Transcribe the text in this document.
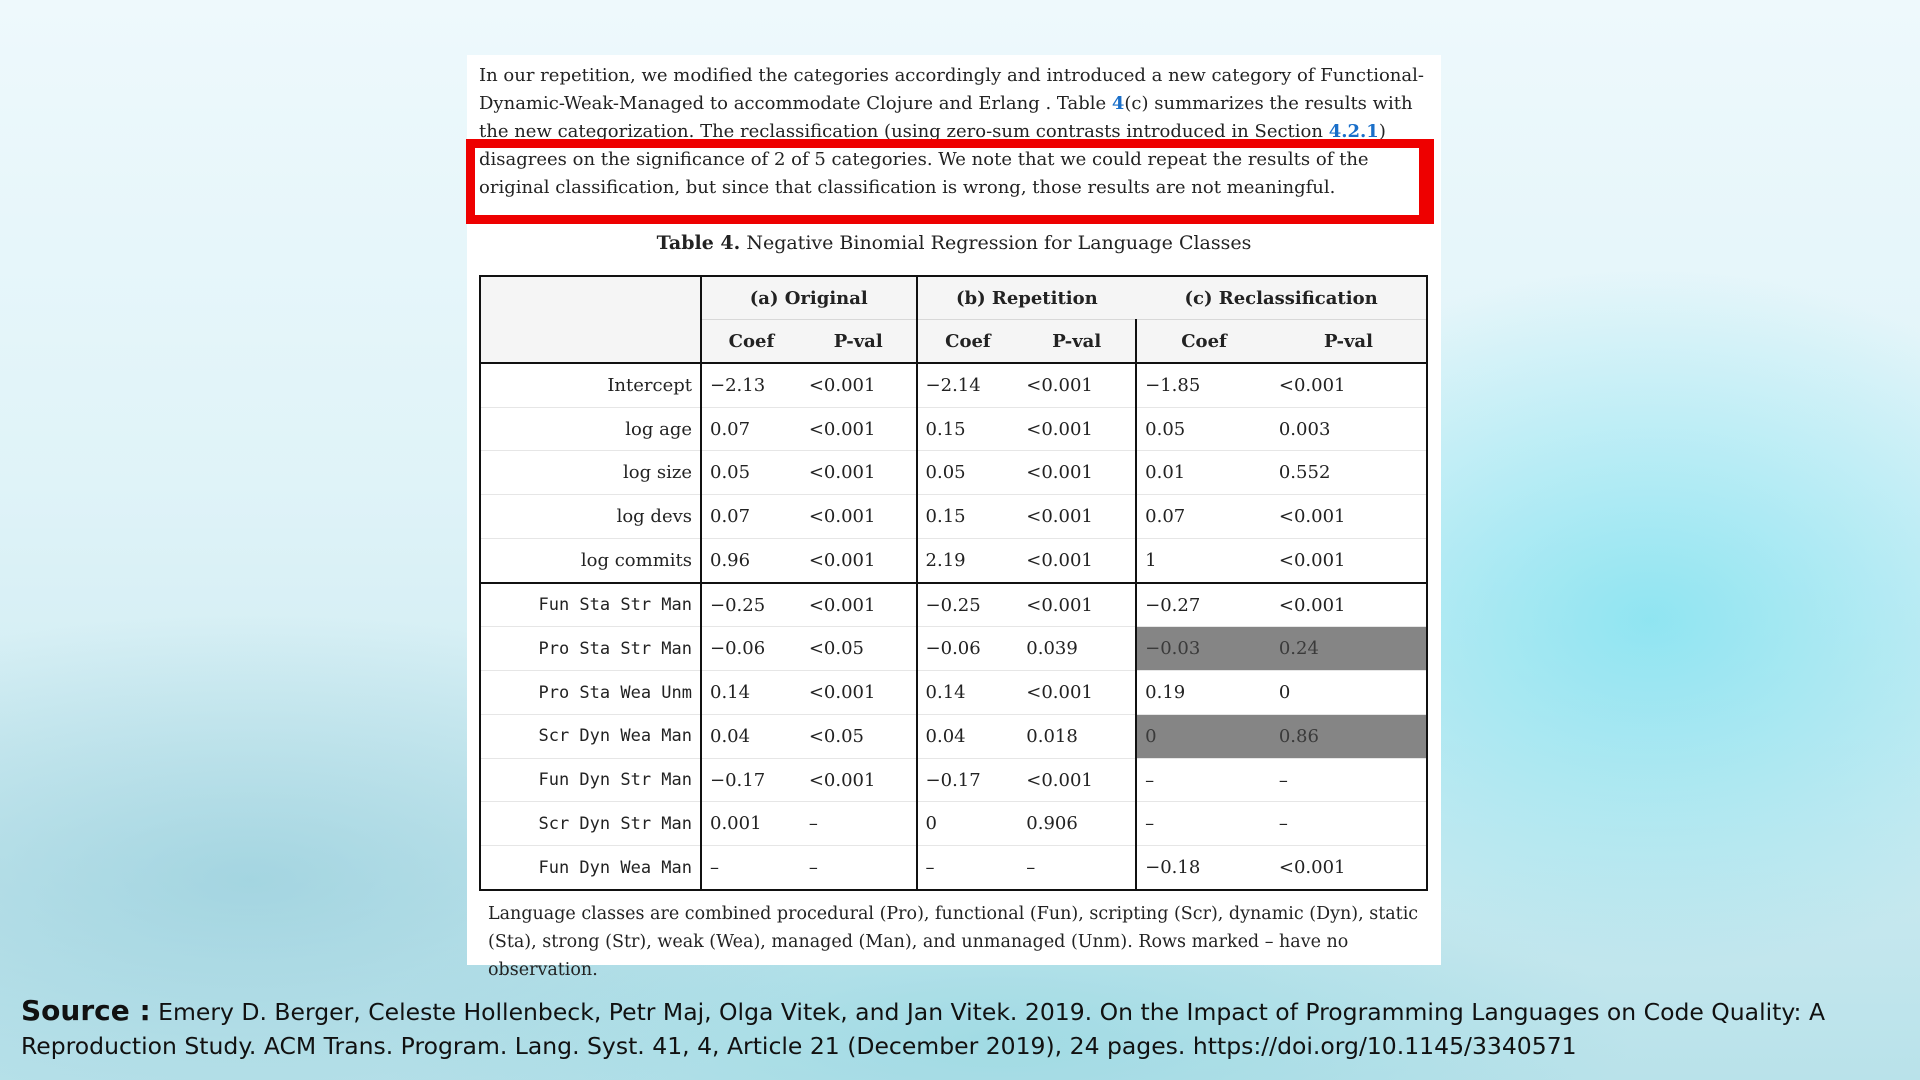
In our repetition, we modified the categories accordingly and introduced a new category of Functional-Dynamic-Weak-Managed to accommodate Clojure and Erlang . Table 4(c) summarizes the results with the new categorization. The reclassification (using zero-sum contrasts introduced in Section 4.2.1) disagrees on the significance of 2 of 5 categories. We note that we could repeat the results of the original classification, but since that classification is wrong, those results are not meaningful.
Table 4. Negative Binomial Regression for Language Classes
	(a) Original		(b) Repetition		(c) Reclassification	
	Coef	P-val	Coef	P-val	Coef	P-val
Intercept	−2.13	<0.001	−2.14	<0.001	−1.85	<0.001
log age	0.07	<0.001	0.15	<0.001	0.05	0.003
log size	0.05	<0.001	0.05	<0.001	0.01	0.552
log devs	0.07	<0.001	0.15	<0.001	0.07	<0.001
log commits	0.96	<0.001	2.19	<0.001	1	<0.001
Fun Sta Str Man	−0.25	<0.001	−0.25	<0.001	−0.27	<0.001
Pro Sta Str Man	−0.06	<0.05	−0.06	0.039	−0.03	0.24
Pro Sta Wea Unm	0.14	<0.001	0.14	<0.001	0.19	0
Scr Dyn Wea Man	0.04	<0.05	0.04	0.018	0	0.86
Fun Dyn Str Man	−0.17	<0.001	−0.17	<0.001	–	–
Scr Dyn Str Man	0.001	–	0	0.906	–	–
Fun Dyn Wea Man	–	–	–	–	−0.18	<0.001
Language classes are combined procedural (Pro), functional (Fun), scripting (Scr), dynamic (Dyn), static (Sta), strong (Str), weak (Wea), managed (Man), and unmanaged (Unm). Rows marked – have no observation.
Source : Emery D. Berger, Celeste Hollenbeck, Petr Maj, Olga Vitek, and Jan Vitek. 2019. On the Impact of Programming Languages on Code Quality: A Reproduction Study. ACM Trans. Program. Lang. Syst. 41, 4, Article 21 (December 2019), 24 pages. https://doi.org/10.1145/3340571
